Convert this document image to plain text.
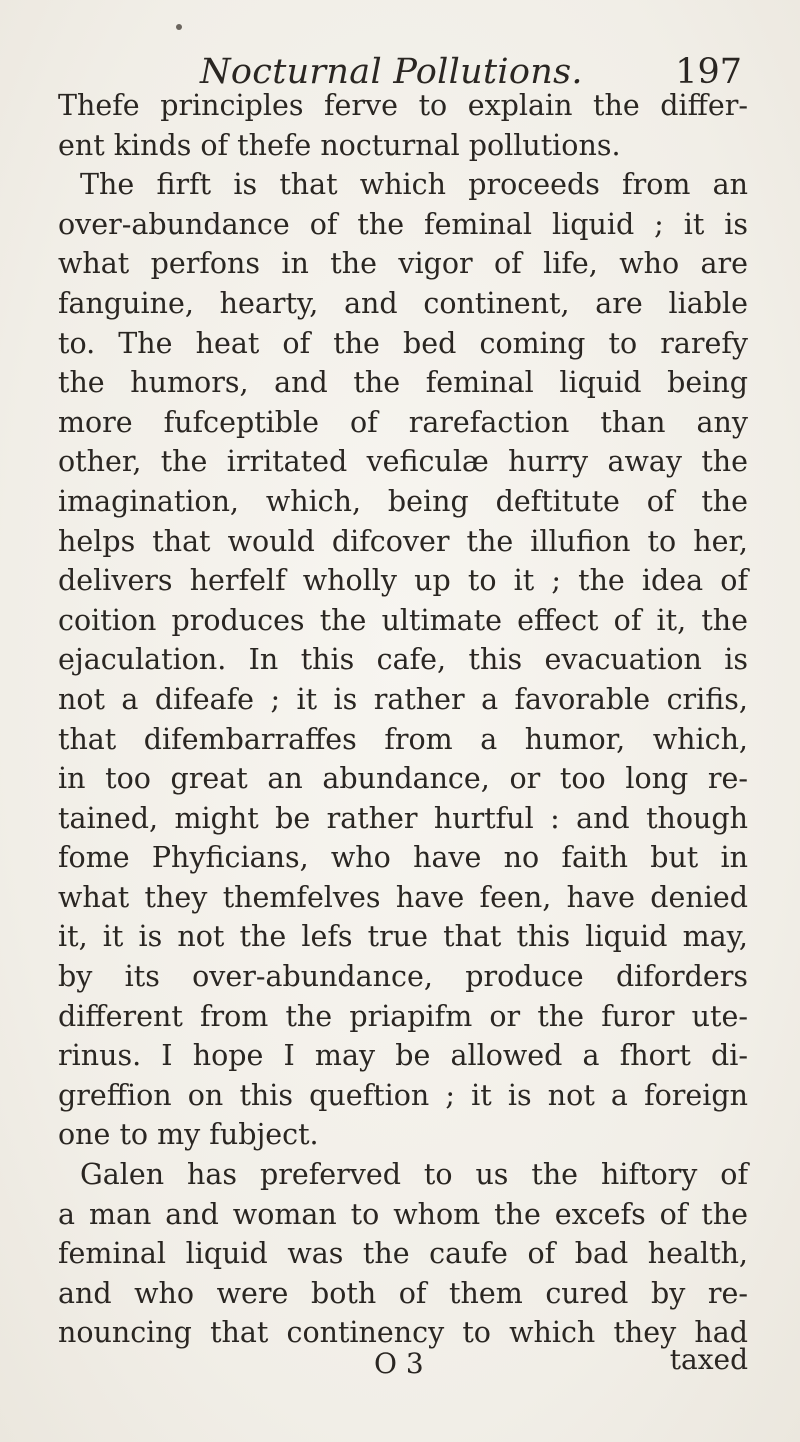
Nocturnal Pollutions.	197
Thefe principles ferve to explain the differ-
ent kinds of thefe nocturnal pollutions.
The firft is that which proceeds from an
over-abundance of the feminal liquid ; it is
what perfons in the vigor of life, who are
fanguine, hearty, and continent, are liable
to. The heat of the bed coming to rarefy
the humors, and the feminal liquid being
more fufceptible of rarefaction than any
other, the irritated veficulæ hurry away the
imagination, which, being deftitute of the
helps that would difcover the illufion to her,
delivers herfelf wholly up to it ; the idea of
coition produces the ultimate effect of it, the
ejaculation. In this cafe, this evacuation is
not a difeafe ; it is rather a favorable crifis,
that difembarraffes from a humor, which,
in too great an abundance, or too long re-
tained, might be rather hurtful : and though
fome Phyficians, who have no faith but in
what they themfelves have feen, have denied
it, it is not the lefs true that this liquid may,
by its over-abundance, produce diforders
different from the priapifm or the furor ute-
rinus. I hope I may be allowed a fhort di-
greffion on this queftion ; it is not a foreign
one to my fubject.
Galen has preferved to us the hiftory of
a man and woman to whom the excefs of the
feminal liquid was the caufe of bad health,
and who were both of them cured by re-
nouncing that continency to which they had
O 3	taxed
